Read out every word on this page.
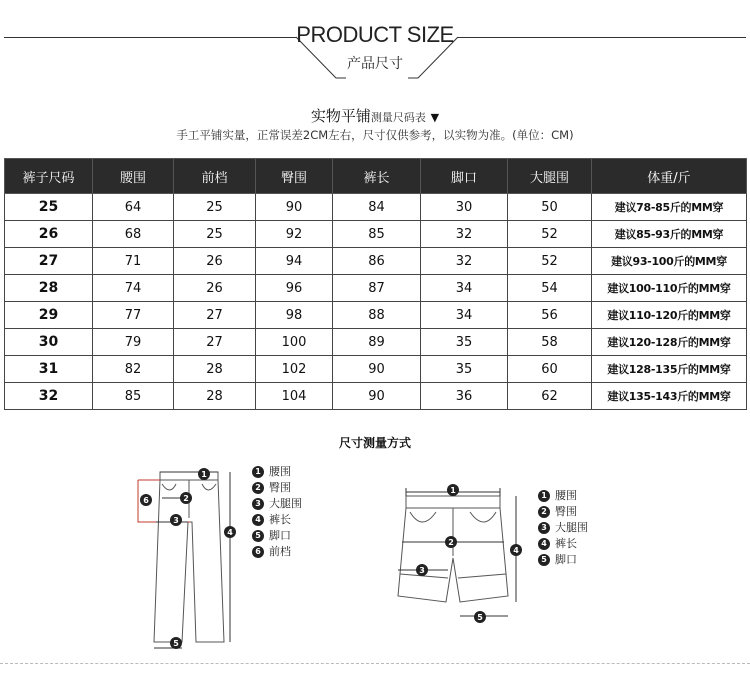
PRODUCT SIZE
产品尺寸
实物平铺测量尺码表 ▼
手工平铺实量，正常误差2CM左右，尺寸仅供参考，以实物为准。(单位：CM)
裤子尺码	腰围	前档	臀围	裤长	脚口	大腿围	体重/斤
25	64	25	90	84	30	50	建议78-85斤的MM穿
26	68	25	92	85	32	52	建议85-93斤的MM穿
27	71	26	94	86	32	52	建议93-100斤的MM穿
28	74	26	96	87	34	54	建议100-110斤的MM穿
29	77	27	98	88	34	56	建议110-120斤的MM穿
30	79	27	100	89	35	58	建议120-128斤的MM穿
31	82	28	102	90	35	60	建议128-135斤的MM穿
32	85	28	104	90	36	62	建议135-143斤的MM穿
尺寸测量方式
1
2
3
4
5
6
1 腰围
2 臀围
3 大腿围
4 裤长
5 脚口
6 前档
1
2
3
4
5
1 腰围
2 臀围
3 大腿围
4 裤长
5 脚口
